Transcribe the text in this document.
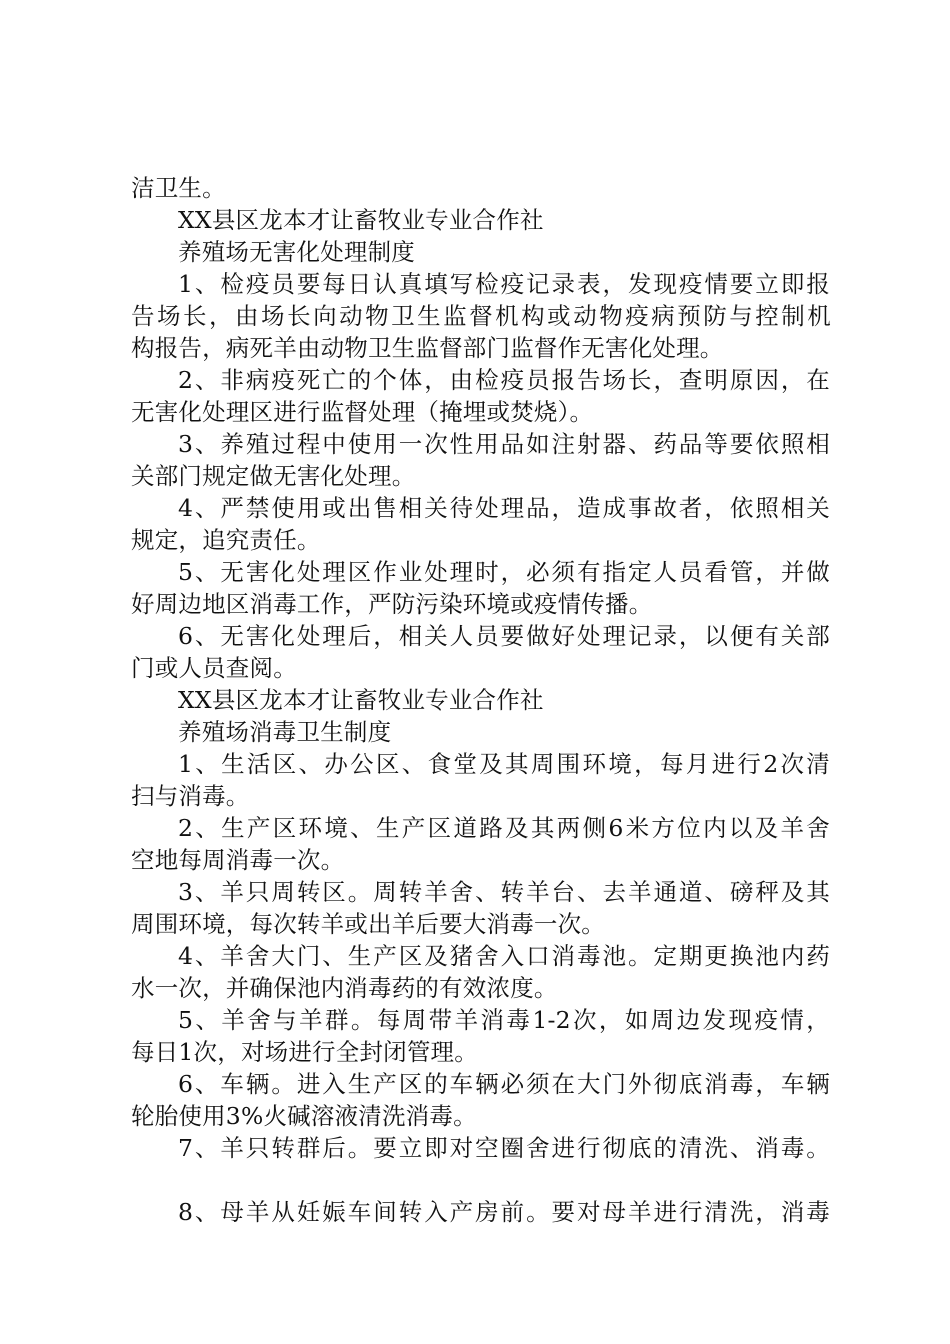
洁卫生。
XX县区龙本才让畜牧业专业合作社
养殖场无害化处理制度
1、检疫员要每日认真填写检疫记录表，发现疫情要立即报
告场长，由场长向动物卫生监督机构或动物疫病预防与控制机
构报告，病死羊由动物卫生监督部门监督作无害化处理。
2、非病疫死亡的个体，由检疫员报告场长，查明原因，在
无害化处理区进行监督处理（掩埋或焚烧）。
3、养殖过程中使用一次性用品如注射器、药品等要依照相
关部门规定做无害化处理。
4、严禁使用或出售相关待处理品，造成事故者，依照相关
规定，追究责任。
5、无害化处理区作业处理时，必须有指定人员看管，并做
好周边地区消毒工作，严防污染环境或疫情传播。
6、无害化处理后，相关人员要做好处理记录，以便有关部
门或人员查阅。
XX县区龙本才让畜牧业专业合作社
养殖场消毒卫生制度
1、生活区、办公区、食堂及其周围环境，每月进行2次清
扫与消毒。
2、生产区环境、生产区道路及其两侧6米方位内以及羊舍
空地每周消毒一次。
3、羊只周转区。周转羊舍、转羊台、去羊通道、磅秤及其
周围环境，每次转羊或出羊后要大消毒一次。
4、羊舍大门、生产区及猪舍入口消毒池。定期更换池内药
水一次，并确保池内消毒药的有效浓度。
5、羊舍与羊群。每周带羊消毒1-2次，如周边发现疫情，
每日1次，对场进行全封闭管理。
6、车辆。进入生产区的车辆必须在大门外彻底消毒，车辆
轮胎使用3%火碱溶液清洗消毒。
7、羊只转群后。要立即对空圈舍进行彻底的清洗、消毒。
8、母羊从妊娠车间转入产房前。要对母羊进行清洗，消毒
